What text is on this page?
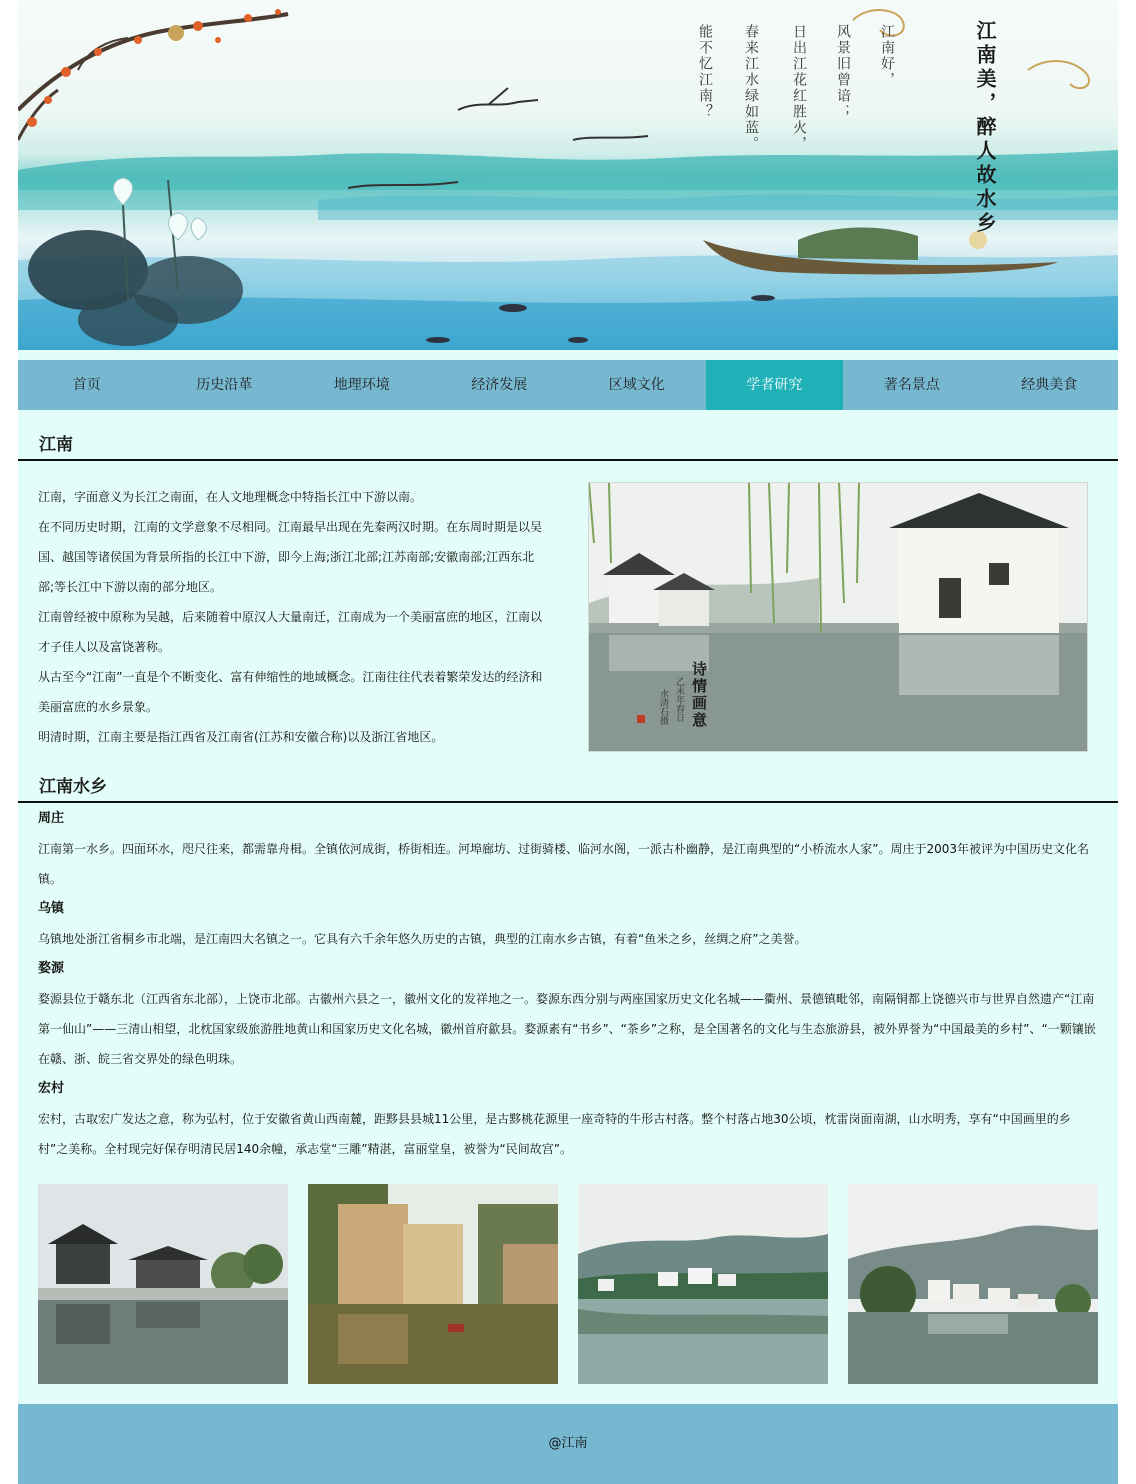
江南美，醉人故水乡
江南好，
风景旧曾谙；
日出江花红胜火，
春来江水绿如蓝。
能不忆江南？
首页	历史沿革	地理环境	经济发展	区域文化	学者研究	著名景点	经典美食
江南

江南，字面意义为长江之南面，在人文地理概念中特指长江中下游以南。

在不同历史时期，江南的文学意象不尽相同。江南最早出现在先秦两汉时期。在东周时期是以吴国、越国等诸侯国为背景所指的长江中下游，即今上海;浙江北部;江苏南部;安徽南部;江西东北部;等长江中下游以南的部分地区。

江南曾经被中原称为吴越，后来随着中原汉人大量南迁，江南成为一个美丽富庶的地区，江南以才子佳人以及富饶著称。

从古至今“江南”一直是个不断变化、富有伸缩性的地域概念。江南往往代表着繁荣发达的经济和美丽富庶的水乡景象。

明清时期，江南主要是指江西省及江南省(江苏和安徽合称)以及浙江省地区。

诗情画意
乙未年春日
水清石摄
江南水乡
周庄

江南第一水乡。四面环水，咫尺往来，都需靠舟楫。全镇依河成街，桥街相连。河埠廊坊、过街骑楼、临河水阁，一派古朴幽静，是江南典型的“小桥流水人家”。周庄于2003年被评为中国历史文化名镇。

乌镇

乌镇地处浙江省桐乡市北端，是江南四大名镇之一。它具有六千余年悠久历史的古镇，典型的江南水乡古镇，有着“鱼米之乡，丝绸之府”之美誉。

婺源

婺源县位于赣东北（江西省东北部），上饶市北部。古徽州六县之一，徽州文化的发祥地之一。婺源东西分别与两座国家历史文化名城——衢州、景德镇毗邻，南隔铜都上饶德兴市与世界自然遗产“江南第一仙山”——三清山相望，北枕国家级旅游胜地黄山和国家历史文化名城，徽州首府歙县。婺源素有“书乡”、“茶乡”之称，是全国著名的文化与生态旅游县，被外界誉为“中国最美的乡村”、“一颗镶嵌在赣、浙、皖三省交界处的绿色明珠。

宏村

宏村，古取宏广发达之意，称为弘村，位于安徽省黄山西南麓，距黟县县城11公里，是古黟桃花源里一座奇特的牛形古村落。整个村落占地30公顷，枕雷岗面南湖，山水明秀，享有“中国画里的乡村”之美称。全村现完好保存明清民居140余幢，承志堂“三雕”精湛，富丽堂皇，被誉为“民间故宫”。

@江南
